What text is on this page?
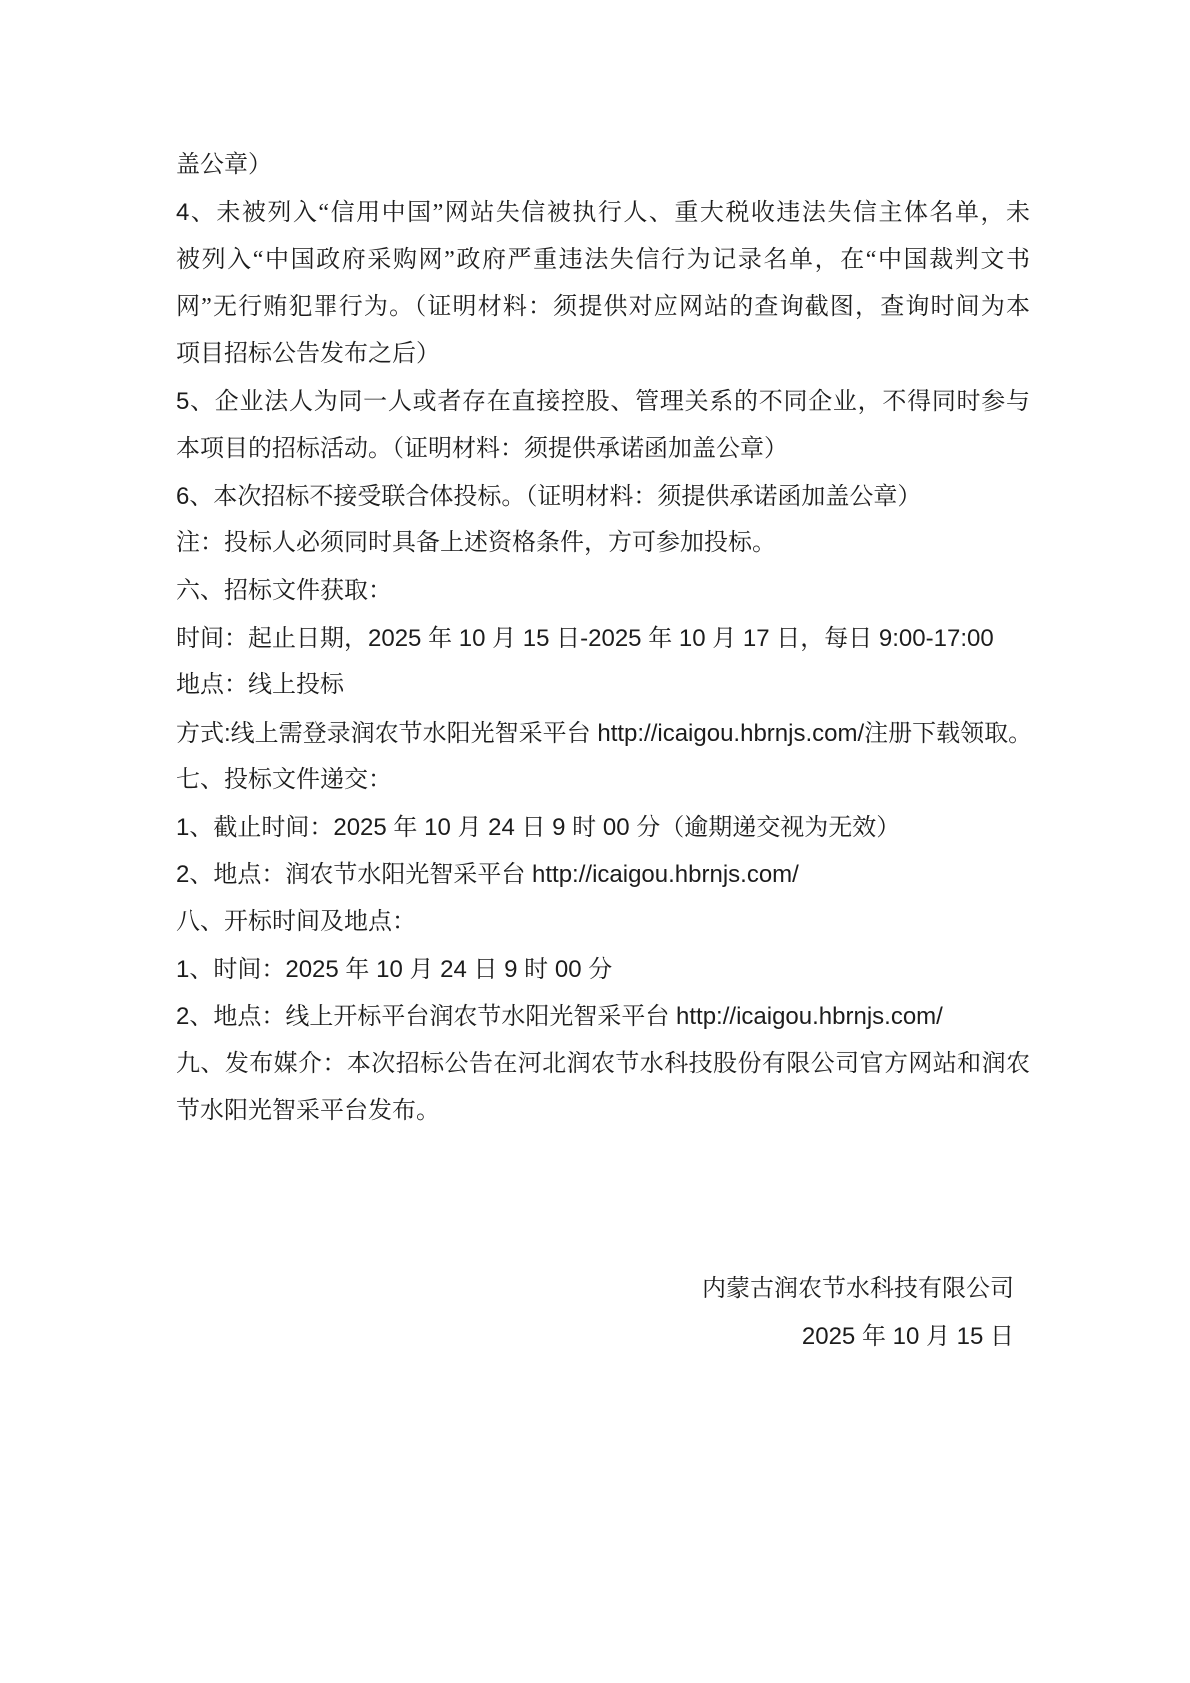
盖公章）
4、未被列入“信用中国”网站失信被执行人、重大税收违法失信主体名单，未
被列入“中国政府采购网”政府严重违法失信行为记录名单，在“中国裁判文书
网”无行贿犯罪行为。（证明材料：须提供对应网站的查询截图，查询时间为本
项目招标公告发布之后）
5、企业法人为同一人或者存在直接控股、管理关系的不同企业，不得同时参与
本项目的招标活动。（证明材料：须提供承诺函加盖公章）
6、本次招标不接受联合体投标。（证明材料：须提供承诺函加盖公章）
注：投标人必须同时具备上述资格条件，方可参加投标。
六、招标文件获取：
时间：起止日期，2025 年 10 月 15 日-2025 年 10 月 17 日，每日 9:00-17:00
地点：线上投标
方式:线上需登录润农节水阳光智采平台 http://icaigou.hbrnjs.com/注册下载领取。
七、投标文件递交：
1、截止时间：2025 年 10 月 24 日 9 时 00 分（逾期递交视为无效）
2、地点：润农节水阳光智采平台 http://icaigou.hbrnjs.com/
八、开标时间及地点：
1、时间：2025 年 10 月 24 日 9 时 00 分
2、地点：线上开标平台润农节水阳光智采平台 http://icaigou.hbrnjs.com/
九、发布媒介：本次招标公告在河北润农节水科技股份有限公司官方网站和润农
节水阳光智采平台发布。
内蒙古润农节水科技有限公司
2025 年 10 月 15 日
